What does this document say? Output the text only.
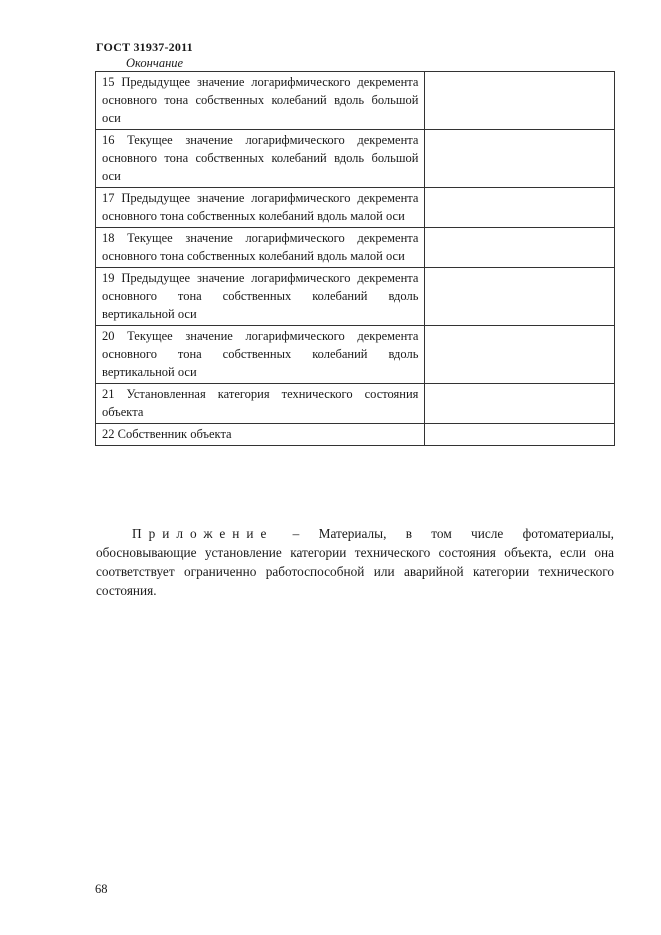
ГОСТ 31937-2011
Окончание
15 Предыдущее значение логарифмического декремента основного тона собственных колебаний вдоль большой оси	
16 Текущее значение логарифмического декремента основного тона собственных колебаний вдоль большой оси	
17 Предыдущее значение логарифмического декремента основного тона собственных колебаний вдоль малой оси	
18 Текущее значение логарифмического декремента основного тона собственных колебаний вдоль малой оси	
19 Предыдущее значение логарифмического декремента основного тона собственных колебаний вдоль вертикальной оси	
20 Текущее значение логарифмического декремента основного тона собственных колебаний вдоль вертикальной оси	
21 Установленная категория технического состояния объекта	
22 Собственник объекта	
Приложение – Материалы, в том числе фотоматериалы, обосновывающие установление категории технического состояния объекта, если она соответствует ограниченно работоспособной или аварийной категории технического состояния.
68
